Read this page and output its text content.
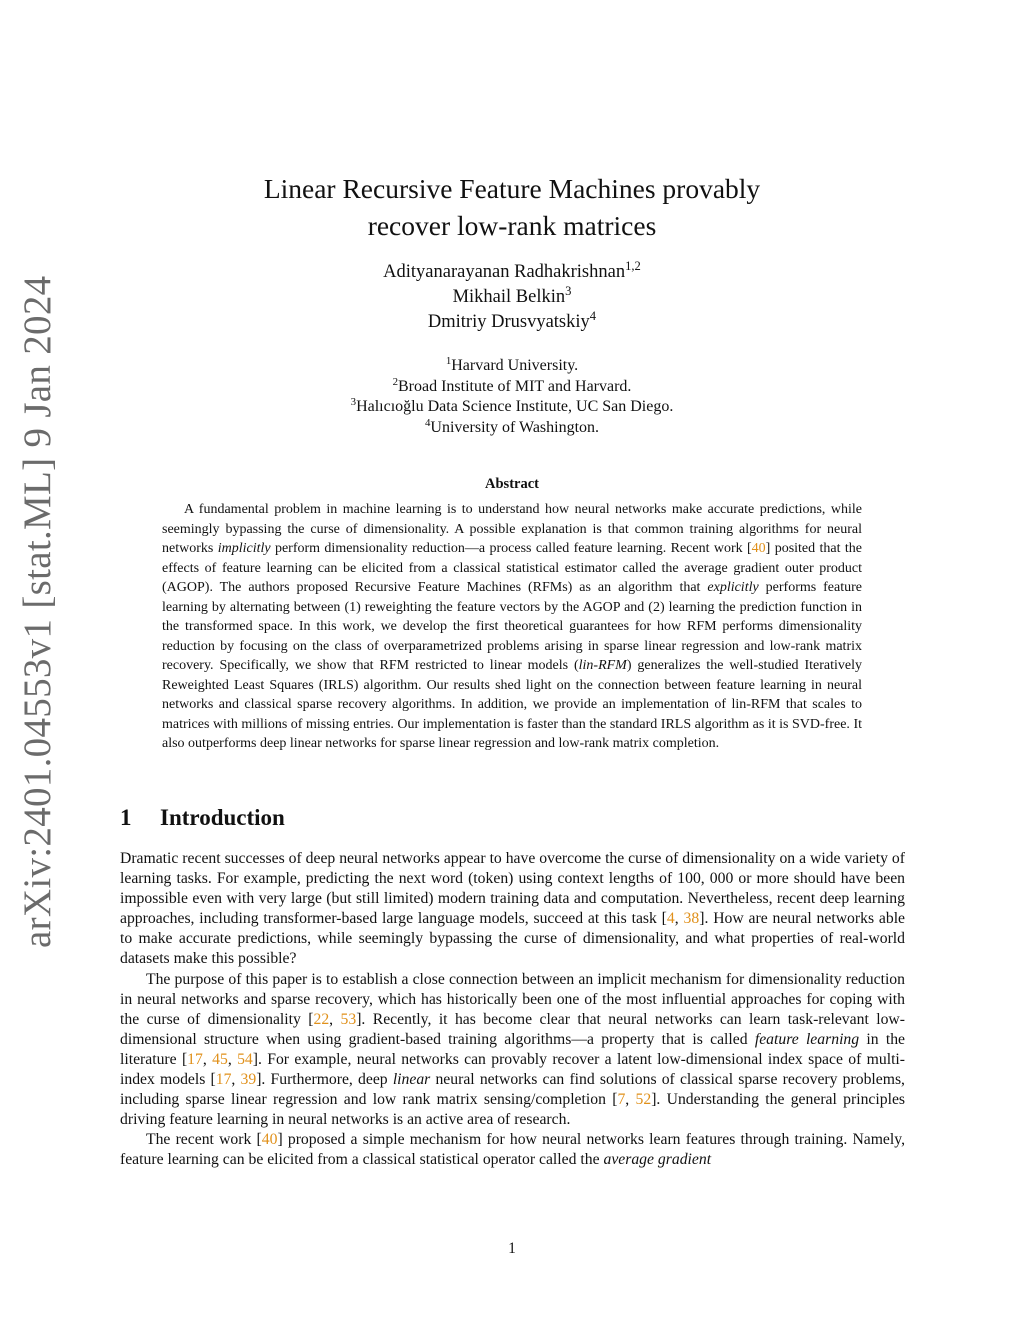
arXiv:2401.04553v1 [stat.ML] 9 Jan 2024
Linear Recursive Feature Machines provably
recover low-rank matrices
Adityanarayanan Radhakrishnan$^{1,2}$
Mikhail Belkin$^3$
Dmitriy Drusvyatskiy$^4$
$^1$Harvard University.
$^2$Broad Institute of MIT and Harvard.
$^3$Halıcıoğlu Data Science Institute, UC San Diego.
$^4$University of Washington.
Abstract
A fundamental problem in machine learning is to understand how neural networks make accurate predictions, while seemingly bypassing the curse of dimensionality. A possible explanation is that common training algorithms for neural networks implicitly perform dimensionality reduction—a process called feature learning. Recent work [40] posited that the effects of feature learning can be elicited from a classical statistical estimator called the average gradient outer product (AGOP). The authors proposed Recursive Feature Machines (RFMs) as an algorithm that explicitly performs feature learning by alternating between (1) reweighting the feature vectors by the AGOP and (2) learning the prediction function in the transformed space. In this work, we develop the first theoretical guarantees for how RFM performs dimensionality reduction by focusing on the class of overparametrized problems arising in sparse linear regression and low-rank matrix recovery. Specifically, we show that RFM restricted to linear models (lin-RFM) generalizes the well-studied Iteratively Reweighted Least Squares (IRLS) algorithm. Our results shed light on the connection between feature learning in neural networks and classical sparse recovery algorithms. In addition, we provide an implementation of lin-RFM that scales to matrices with millions of missing entries. Our implementation is faster than the standard IRLS algorithm as it is SVD-free. It also outperforms deep linear networks for sparse linear regression and low-rank matrix completion.
1 Introduction

Dramatic recent successes of deep neural networks appear to have overcome the curse of dimensionality on a wide variety of learning tasks. For example, predicting the next word (token) using context lengths of 100, 000 or more should have been impossible even with very large (but still limited) modern training data and computation. Nevertheless, recent deep learning approaches, including transformer-based large language models, succeed at this task [4, 38]. How are neural networks able to make accurate predictions, while seemingly bypassing the curse of dimensionality, and what properties of real-world datasets make this possible?

The purpose of this paper is to establish a close connection between an implicit mechanism for dimensionality reduction in neural networks and sparse recovery, which has historically been one of the most influential approaches for coping with the curse of dimensionality [22, 53]. Recently, it has become clear that neural networks can learn task-relevant low-dimensional structure when using gradient-based training algorithms—a property that is called feature learning in the literature [17, 45, 54]. For example, neural networks can provably recover a latent low-dimensional index space of multi-index models [17, 39]. Furthermore, deep linear neural networks can find solutions of classical sparse recovery problems, including sparse linear regression and low rank matrix sensing/completion [7, 52]. Understanding the general principles driving feature learning in neural networks is an active area of research.

The recent work [40] proposed a simple mechanism for how neural networks learn features through training. Namely, feature learning can be elicited from a classical statistical operator called the average gradient

1
